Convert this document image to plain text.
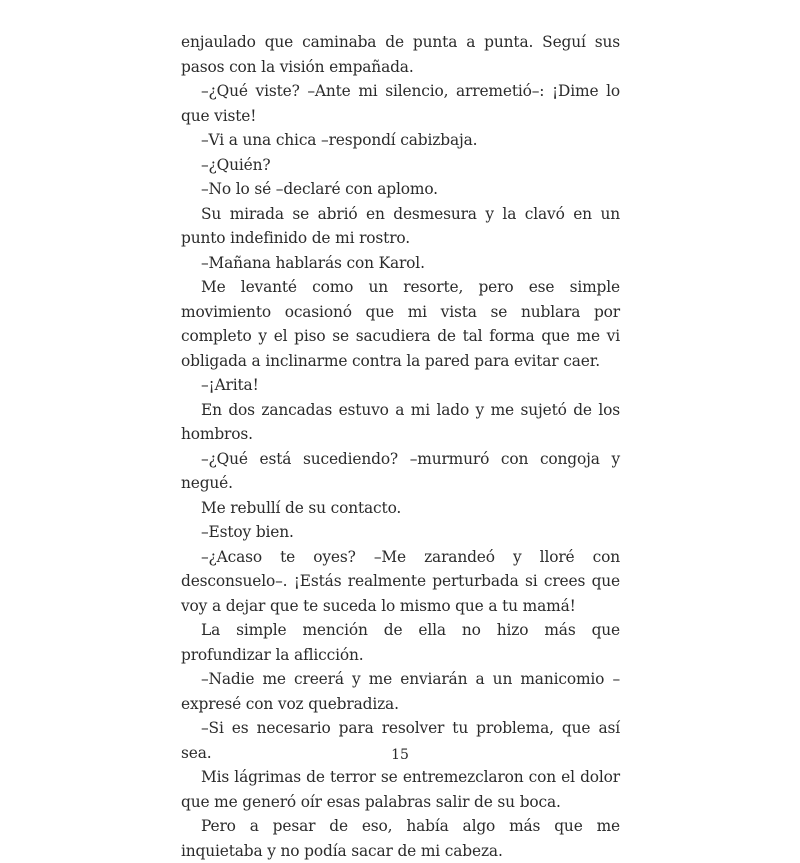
enjaulado que caminaba de punta a punta. Seguí sus pasos con la visión empañada.

–¿Qué viste? –Ante mi silencio, arremetió–: ¡Dime lo que viste!

–Vi a una chica –respondí cabizbaja.

–¿Quién?

–No lo sé –declaré con aplomo.

Su mirada se abrió en desmesura y la clavó en un punto indefinido de mi rostro.

–Mañana hablarás con Karol.

Me levanté como un resorte, pero ese simple movimiento ocasionó que mi vista se nublara por completo y el piso se sacudiera de tal forma que me vi obligada a inclinarme contra la pared para evitar caer.

–¡Arita!

En dos zancadas estuvo a mi lado y me sujetó de los hombros.

–¿Qué está sucediendo? –murmuró con congoja y negué.

Me rebullí de su contacto.

–Estoy bien.

–¿Acaso te oyes? –Me zarandeó y lloré con desconsuelo–. ¡Estás realmente perturbada si crees que voy a dejar que te suceda lo mismo que a tu mamá!

La simple mención de ella no hizo más que profundizar la aflicción.

–Nadie me creerá y me enviarán a un manicomio –expresé con voz quebradiza.

–Si es necesario para resolver tu problema, que así sea.

Mis lágrimas de terror se entremezclaron con el dolor que me generó oír esas palabras salir de su boca.

Pero a pesar de eso, había algo más que me inquietaba y no podía sacar de mi cabeza.

15
